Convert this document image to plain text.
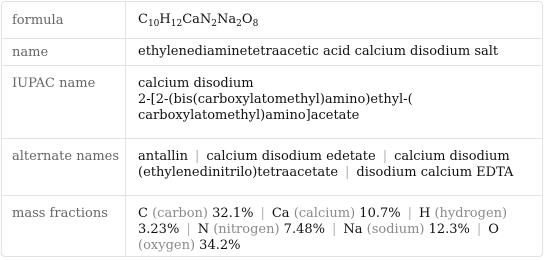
formula	$C_{10}H_{12}CaN_2Na_2O_8$
name	ethylenediaminetetraacetic acid calcium disodium salt
IUPAC name	calcium disodium
2-[2-(bis(carboxylatomethyl)amino)ethyl-(
carboxylatomethyl)amino]acetate
alternate names	antallin | calcium disodium edetate | calcium disodium (ethylenedinitrilo)tetraacetate | disodium calcium EDTA
mass fractions	C (carbon) 32.1% | Ca (calcium) 10.7% | H (hydrogen) 3.23% | N (nitrogen) 7.48% | Na (sodium) 12.3% | O (oxygen) 34.2%
